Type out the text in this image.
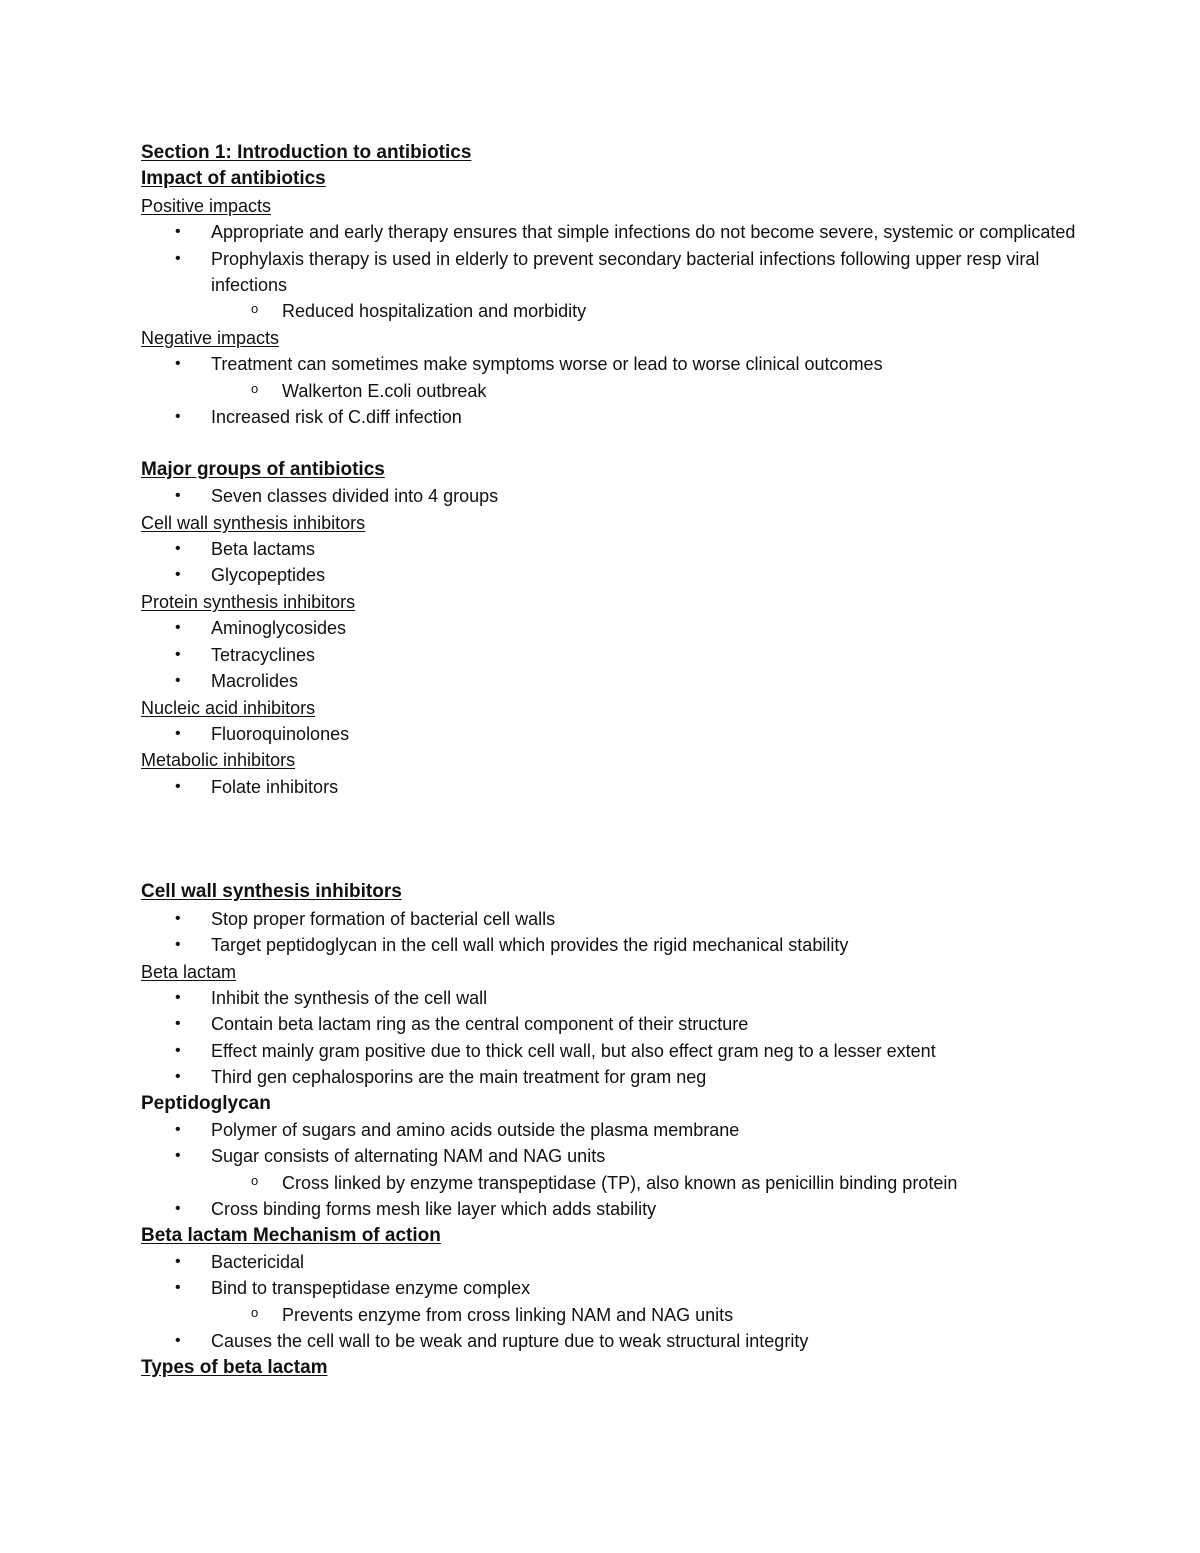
Section 1: Introduction to antibiotics
Impact of antibiotics
Positive impacts
•	Appropriate and early therapy ensures that simple infections do not become severe, systemic or complicated
•	Prophylaxis therapy is used in elderly to prevent secondary bacterial infections following upper resp viral infections
o Reduced hospitalization and morbidity
Negative impacts
•	Treatment can sometimes make symptoms worse or lead to worse clinical outcomes
o Walkerton E.coli outbreak
•	Increased risk of C.diff infection
Major groups of antibiotics
•	Seven classes divided into 4 groups
Cell wall synthesis inhibitors
•	Beta lactams
•	Glycopeptides
Protein synthesis inhibitors
•	Aminoglycosides
•	Tetracyclines
•	Macrolides
Nucleic acid inhibitors
•	Fluoroquinolones
Metabolic inhibitors
•	Folate inhibitors
Cell wall synthesis inhibitors
•	Stop proper formation of bacterial cell walls
•	Target peptidoglycan in the cell wall which provides the rigid mechanical stability
Beta lactam
•	Inhibit the synthesis of the cell wall
•	Contain beta lactam ring as the central component of their structure
•	Effect mainly gram positive due to thick cell wall, but also effect gram neg to a lesser extent
•	Third gen cephalosporins are the main treatment for gram neg
Peptidoglycan
•	Polymer of sugars and amino acids outside the plasma membrane
•	Sugar consists of alternating NAM and NAG units
o Cross linked by enzyme transpeptidase (TP), also known as penicillin binding protein
•	Cross binding forms mesh like layer which adds stability
Beta lactam Mechanism of action
•	Bactericidal
•	Bind to transpeptidase enzyme complex
o Prevents enzyme from cross linking NAM and NAG units
•	Causes the cell wall to be weak and rupture due to weak structural integrity
Types of beta lactam
